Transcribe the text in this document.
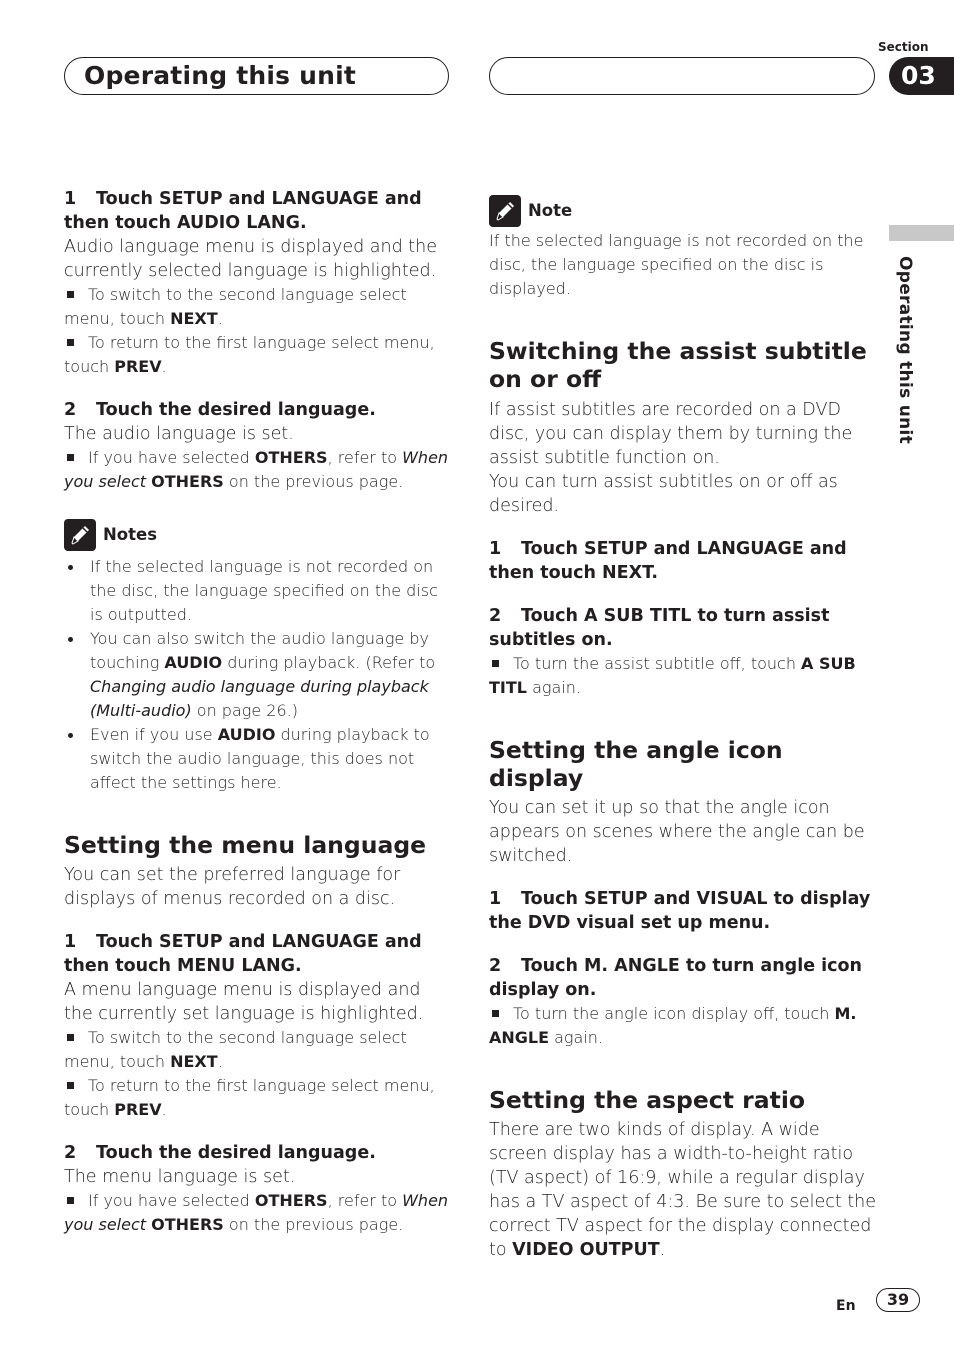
Operating this unit
Section
03
Operating this unit

1 Touch SETUP and LANGUAGE and then touch AUDIO LANG.

Audio language menu is displayed and the currently selected language is highlighted.

To switch to the second language select menu, touch NEXT.

To return to the first language select menu, touch PREV.

2 Touch the desired language.

The audio language is set.

If you have selected OTHERS, refer to When you select OTHERS on the previous page.

Notes
If the selected language is not recorded on the disc, the language specified on the disc is outputted.
You can also switch the audio language by touching AUDIO during playback. (Refer to Changing audio language during playback (Multi-audio) on page 26.)
Even if you use AUDIO during playback to switch the audio language, this does not affect the settings here.
Setting the menu language

You can set the preferred language for displays of menus recorded on a disc.

1 Touch SETUP and LANGUAGE and then touch MENU LANG.

A menu language menu is displayed and the currently set language is highlighted.

To switch to the second language select menu, touch NEXT.

To return to the first language select menu, touch PREV.

2 Touch the desired language.

The menu language is set.

If you have selected OTHERS, refer to When you select OTHERS on the previous page.

Note

If the selected language is not recorded on the disc, the language specified on the disc is displayed.

Switching the assist subtitle on or off

If assist subtitles are recorded on a DVD disc, you can display them by turning the assist subtitle function on.

You can turn assist subtitles on or off as desired.

1 Touch SETUP and LANGUAGE and then touch NEXT.

2 Touch A SUB TITL to turn assist subtitles on.

To turn the assist subtitle off, touch A SUB TITL again.

Setting the angle icon display

You can set it up so that the angle icon appears on scenes where the angle can be switched.

1 Touch SETUP and VISUAL to display the DVD visual set up menu.

2 Touch M. ANGLE to turn angle icon display on.

To turn the angle icon display off, touch M. ANGLE again.

Setting the aspect ratio

There are two kinds of display. A wide screen display has a width-to-height ratio (TV aspect) of 16:9, while a regular display has a TV aspect of 4:3. Be sure to select the correct TV aspect for the display connected to VIDEO OUTPUT.

En	39
